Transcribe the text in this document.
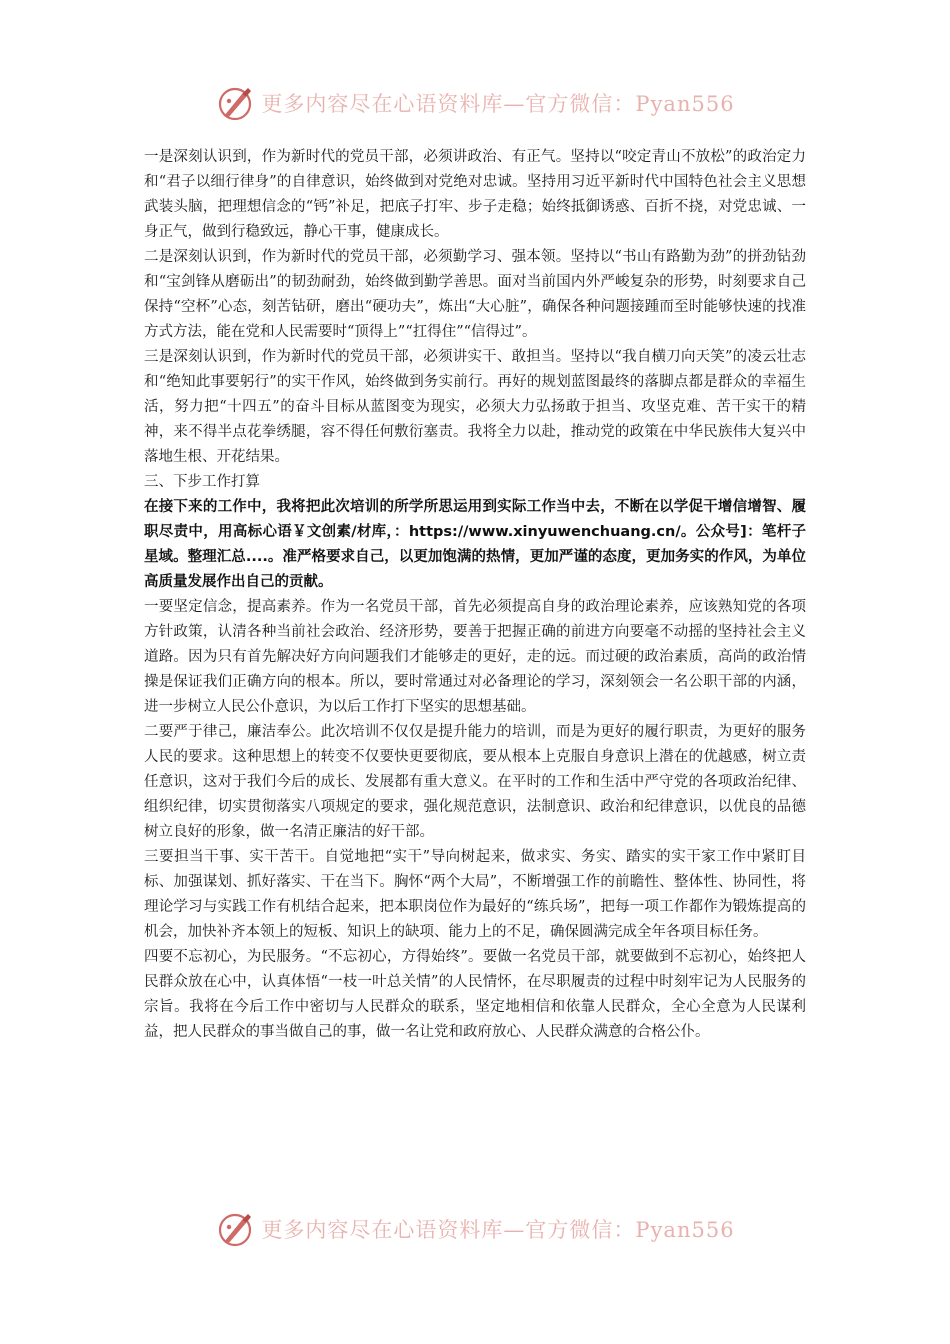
更多内容尽在心语资料库—官方微信：Pyan556

一是深刻认识到，作为新时代的党员干部，必须讲政治、有正气。坚持以“咬定青山不放松”的政治定力和“君子以细行律身”的自律意识，始终做到对党绝对忠诚。坚持用习近平新时代中国特色社会主义思想武装头脑，把理想信念的“钙”补足，把底子打牢、步子走稳；始终抵御诱惑、百折不挠，对党忠诚、一身正气，做到行稳致远，静心干事，健康成长。

二是深刻认识到，作为新时代的党员干部，必须勤学习、强本领。坚持以“书山有路勤为劲”的拼劲钻劲和“宝剑锋从磨砺出”的韧劲耐劲，始终做到勤学善思。面对当前国内外严峻复杂的形势，时刻要求自己保持“空杯”心态，刻苦钻研，磨出“硬功夫”，炼出“大心脏”，确保各种问题接踵而至时能够快速的找准方式方法，能在党和人民需要时“顶得上”“扛得住”“信得过”。

三是深刻认识到，作为新时代的党员干部，必须讲实干、敢担当。坚持以“我自横刀向天笑”的凌云壮志和“绝知此事要躬行”的实干作风，始终做到务实前行。再好的规划蓝图最终的落脚点都是群众的幸福生活，努力把“十四五”的奋斗目标从蓝图变为现实，必须大力弘扬敢于担当、攻坚克难、苦干实干的精神，来不得半点花拳绣腿，容不得任何敷衍塞责。我将全力以赴，推动党的政策在中华民族伟大复兴中落地生根、开花结果。

三、下步工作打算

在接下来的工作中，我将把此次培训的所学所思运用到实际工作当中去，不断在以学促干增信增智、履职尽责中，用高标心语￥文创素/材库，：https://www.xinyuwenchuang.cn/。公众号]：笔杆子星域。整理汇总....。准严格要求自己，以更加饱满的热情，更加严谨的态度，更加务实的作风，为单位高质量发展作出自己的贡献。

一要坚定信念，提高素养。作为一名党员干部，首先必须提高自身的政治理论素养，应该熟知党的各项方针政策，认清各种当前社会政治、经济形势，要善于把握正确的前进方向要毫不动摇的坚持社会主义道路。因为只有首先解决好方向问题我们才能够走的更好，走的远。而过硬的政治素质，高尚的政治情操是保证我们正确方向的根本。所以，要时常通过对必备理论的学习，深刻领会一名公职干部的内涵，进一步树立人民公仆意识，为以后工作打下坚实的思想基础。

二要严于律己，廉洁奉公。此次培训不仅仅是提升能力的培训，而是为更好的履行职责，为更好的服务人民的要求。这种思想上的转变不仅要快更要彻底，要从根本上克服自身意识上潜在的优越感，树立责任意识，这对于我们今后的成长、发展都有重大意义。在平时的工作和生活中严守党的各项政治纪律、组织纪律，切实贯彻落实八项规定的要求，强化规范意识，法制意识、政治和纪律意识，以优良的品德树立良好的形象，做一名清正廉洁的好干部。

三要担当干事、实干苦干。自觉地把“实干”导向树起来，做求实、务实、踏实的实干家工作中紧盯目标、加强谋划、抓好落实、干在当下。胸怀“两个大局”，不断增强工作的前瞻性、整体性、协同性，将理论学习与实践工作有机结合起来，把本职岗位作为最好的“练兵场”，把每一项工作都作为锻炼提高的机会，加快补齐本领上的短板、知识上的缺项、能力上的不足，确保圆满完成全年各项目标任务。

四要不忘初心，为民服务。“不忘初心，方得始终”。要做一名党员干部，就要做到不忘初心，始终把人民群众放在心中，认真体悟“一枝一叶总关情”的人民情怀，在尽职履责的过程中时刻牢记为人民服务的宗旨。我将在今后工作中密切与人民群众的联系，坚定地相信和依靠人民群众，全心全意为人民谋利益，把人民群众的事当做自己的事，做一名让党和政府放心、人民群众满意的合格公仆。

更多内容尽在心语资料库—官方微信：Pyan556
